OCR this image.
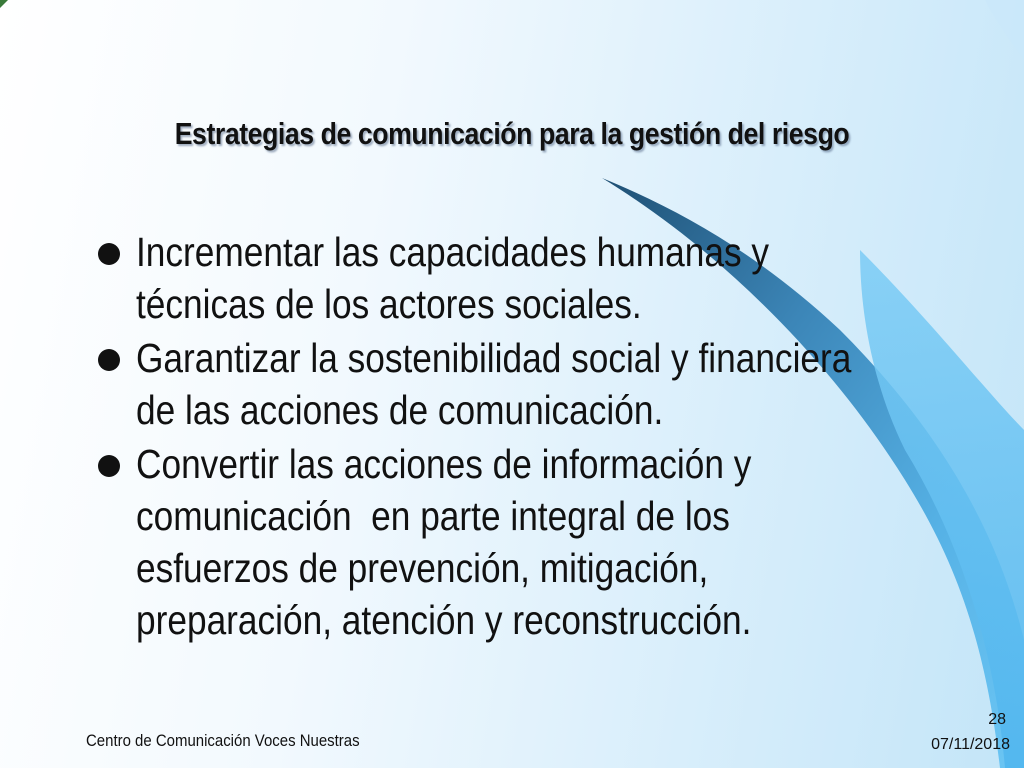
Estrategias de comunicación para la gestión del riesgo
Incrementar las capacidades humanas y
técnicas de los actores sociales.
Garantizar la sostenibilidad social y financiera
de las acciones de comunicación.
Convertir las acciones de información y
comunicación  en parte integral de los
esfuerzos de prevención, mitigación,
preparación, atención y reconstrucción.
Centro de Comunicación Voces Nuestras
28
07/11/2018
